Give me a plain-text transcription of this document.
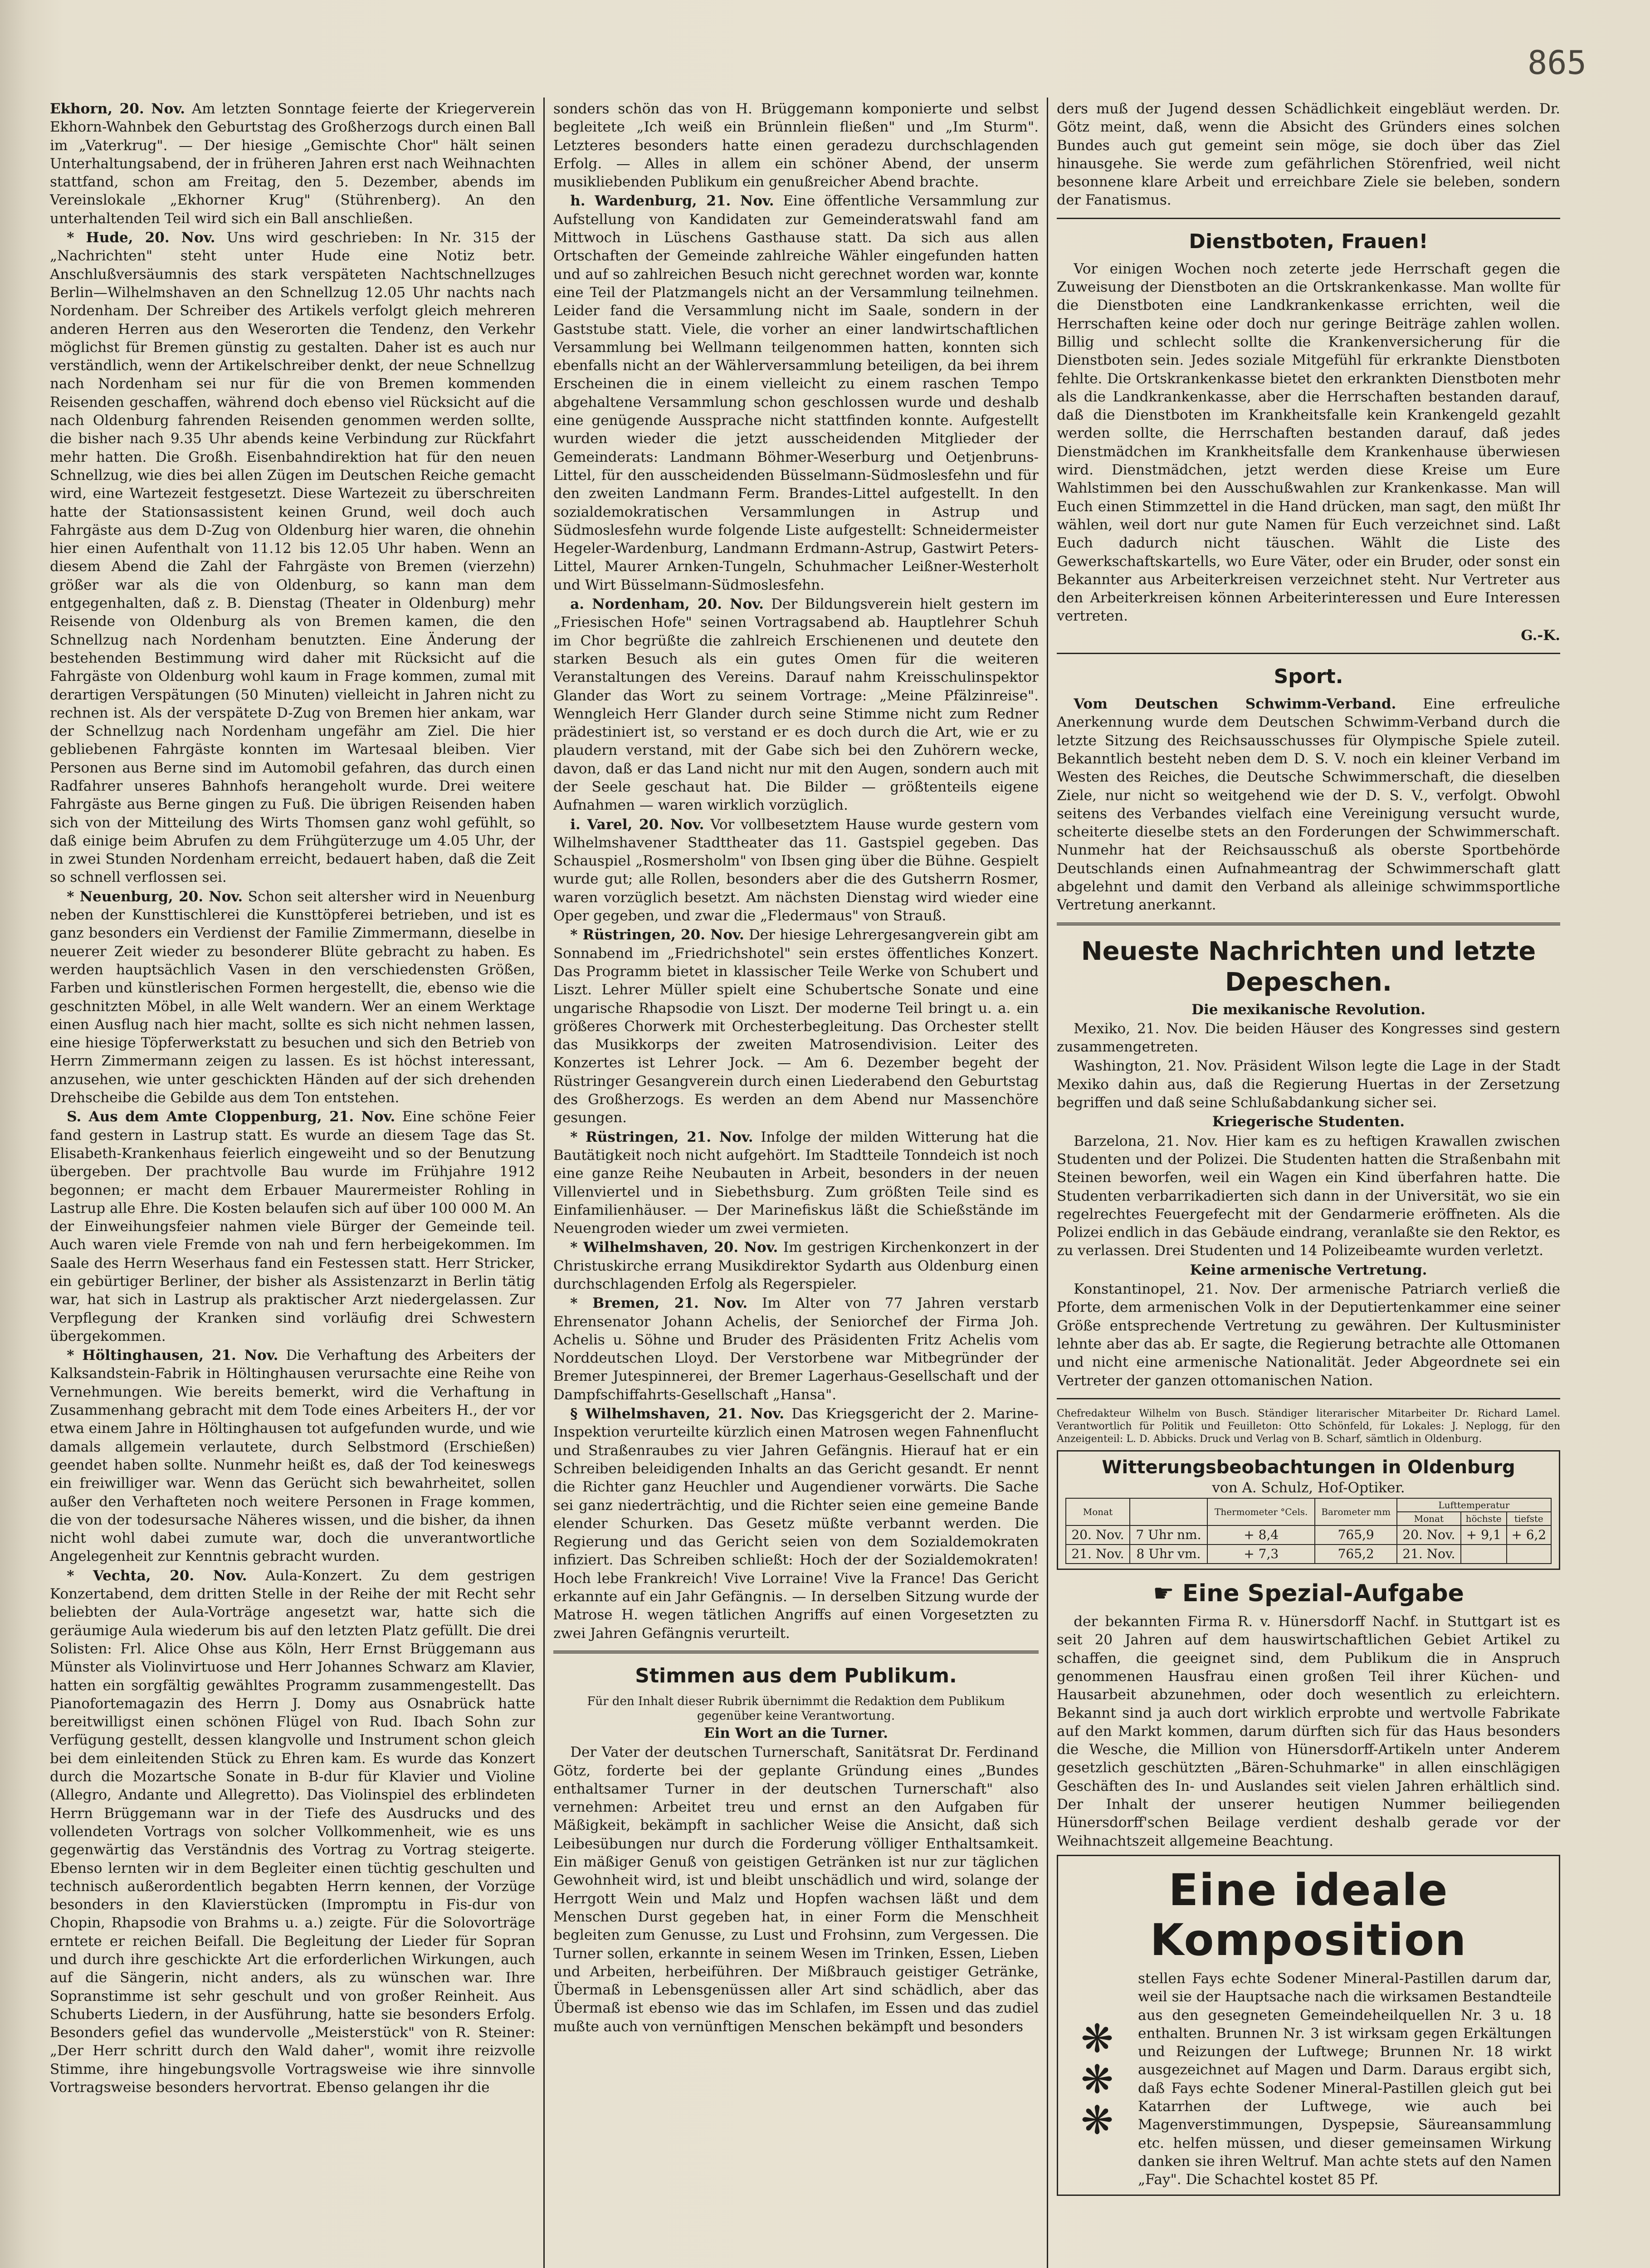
865

Ekhorn, 20. Nov. Am letzten Sonntage feierte der Kriegerverein Ekhorn-Wahnbek den Geburtstag des Großherzogs durch einen Ball im „Vaterkrug". — Der hiesige „Gemischte Chor" hält seinen Unterhaltungsabend, der in früheren Jahren erst nach Weihnachten stattfand, schon am Freitag, den 5. Dezember, abends im Vereinslokale „Ekhorner Krug" (Stührenberg). An den unterhaltenden Teil wird sich ein Ball anschließen.

* Hude, 20. Nov. Uns wird geschrieben: In Nr. 315 der „Nachrichten" steht unter Hude eine Notiz betr. Anschlußversäumnis des stark verspäteten Nachtschnellzuges Berlin—Wilhelmshaven an den Schnellzug 12.05 Uhr nachts nach Nordenham. Der Schreiber des Artikels verfolgt gleich mehreren anderen Herren aus den Weserorten die Tendenz, den Verkehr möglichst für Bremen günstig zu gestalten. Daher ist es auch nur verständlich, wenn der Artikelschreiber denkt, der neue Schnellzug nach Nordenham sei nur für die von Bremen kommenden Reisenden geschaffen, während doch ebenso viel Rücksicht auf die nach Oldenburg fahrenden Reisenden genommen werden sollte, die bisher nach 9.35 Uhr abends keine Verbindung zur Rückfahrt mehr hatten. Die Großh. Eisenbahndirektion hat für den neuen Schnellzug, wie dies bei allen Zügen im Deutschen Reiche gemacht wird, eine Wartezeit festgesetzt. Diese Wartezeit zu überschreiten hatte der Stationsassistent keinen Grund, weil doch auch Fahrgäste aus dem D-Zug von Oldenburg hier waren, die ohnehin hier einen Aufenthalt von 11.12 bis 12.05 Uhr haben. Wenn an diesem Abend die Zahl der Fahrgäste von Bremen (vierzehn) größer war als die von Oldenburg, so kann man dem entgegenhalten, daß z. B. Dienstag (Theater in Oldenburg) mehr Reisende von Oldenburg als von Bremen kamen, die den Schnellzug nach Nordenham benutzten. Eine Änderung der bestehenden Bestimmung wird daher mit Rücksicht auf die Fahrgäste von Oldenburg wohl kaum in Frage kommen, zumal mit derartigen Verspätungen (50 Minuten) vielleicht in Jahren nicht zu rechnen ist. Als der verspätete D-Zug von Bremen hier ankam, war der Schnellzug nach Nordenham ungefähr am Ziel. Die hier gebliebenen Fahrgäste konnten im Wartesaal bleiben. Vier Personen aus Berne sind im Automobil gefahren, das durch einen Radfahrer unseres Bahnhofs herangeholt wurde. Drei weitere Fahrgäste aus Berne gingen zu Fuß. Die übrigen Reisenden haben sich von der Mitteilung des Wirts Thomsen ganz wohl gefühlt, so daß einige beim Abrufen zu dem Frühgüterzuge um 4.05 Uhr, der in zwei Stunden Nordenham erreicht, bedauert haben, daß die Zeit so schnell verflossen sei.

* Neuenburg, 20. Nov. Schon seit altersher wird in Neuenburg neben der Kunsttischlerei die Kunsttöpferei betrieben, und ist es ganz besonders ein Verdienst der Familie Zimmermann, dieselbe in neuerer Zeit wieder zu besonderer Blüte gebracht zu haben. Es werden hauptsächlich Vasen in den verschiedensten Größen, Farben und künstlerischen Formen hergestellt, die, ebenso wie die geschnitzten Möbel, in alle Welt wandern. Wer an einem Werktage einen Ausflug nach hier macht, sollte es sich nicht nehmen lassen, eine hiesige Töpferwerkstatt zu besuchen und sich den Betrieb von Herrn Zimmermann zeigen zu lassen. Es ist höchst interessant, anzusehen, wie unter geschickten Händen auf der sich drehenden Drehscheibe die Gebilde aus dem Ton entstehen.

S. Aus dem Amte Cloppenburg, 21. Nov. Eine schöne Feier fand gestern in Lastrup statt. Es wurde an diesem Tage das St. Elisabeth-Krankenhaus feierlich eingeweiht und so der Benutzung übergeben. Der prachtvolle Bau wurde im Frühjahre 1912 begonnen; er macht dem Erbauer Maurermeister Rohling in Lastrup alle Ehre. Die Kosten belaufen sich auf über 100 000 M. An der Einweihungsfeier nahmen viele Bürger der Gemeinde teil. Auch waren viele Fremde von nah und fern herbeigekommen. Im Saale des Herrn Weserhaus fand ein Festessen statt. Herr Stricker, ein gebürtiger Berliner, der bisher als Assistenzarzt in Berlin tätig war, hat sich in Lastrup als praktischer Arzt niedergelassen. Zur Verpflegung der Kranken sind vorläufig drei Schwestern übergekommen.

* Höltinghausen, 21. Nov. Die Verhaftung des Arbeiters der Kalksandstein-Fabrik in Höltinghausen verursachte eine Reihe von Vernehmungen. Wie bereits bemerkt, wird die Verhaftung in Zusammenhang gebracht mit dem Tode eines Arbeiters H., der vor etwa einem Jahre in Höltinghausen tot aufgefunden wurde, und wie damals allgemein verlautete, durch Selbstmord (Erschießen) geendet haben sollte. Nunmehr heißt es, daß der Tod keineswegs ein freiwilliger war. Wenn das Gerücht sich bewahrheitet, sollen außer den Verhafteten noch weitere Personen in Frage kommen, die von der todesursache Näheres wissen, und die bisher, da ihnen nicht wohl dabei zumute war, doch die unverantwortliche Angelegenheit zur Kenntnis gebracht wurden.

* Vechta, 20. Nov. Aula-Konzert. Zu dem gestrigen Konzertabend, dem dritten Stelle in der Reihe der mit Recht sehr beliebten der Aula-Vorträge angesetzt war, hatte sich die geräumige Aula wiederum bis auf den letzten Platz gefüllt. Die drei Solisten: Frl. Alice Ohse aus Köln, Herr Ernst Brüggemann aus Münster als Violinvirtuose und Herr Johannes Schwarz am Klavier, hatten ein sorgfältig gewähltes Programm zusammengestellt. Das Pianofortemagazin des Herrn J. Domy aus Osnabrück hatte bereitwilligst einen schönen Flügel von Rud. Ibach Sohn zur Verfügung gestellt, dessen klangvolle und Instrument schon gleich bei dem einleitenden Stück zu Ehren kam. Es wurde das Konzert durch die Mozartsche Sonate in B-dur für Klavier und Violine (Allegro, Andante und Allegretto). Das Violinspiel des erblindeten Herrn Brüggemann war in der Tiefe des Ausdrucks und des vollendeten Vortrags von solcher Vollkommenheit, wie es uns gegenwärtig das Verständnis des Vortrag zu Vortrag steigerte. Ebenso lernten wir in dem Begleiter einen tüchtig geschulten und technisch außerordentlich begabten Herrn kennen, der Vorzüge besonders in den Klavierstücken (Impromptu in Fis-dur von Chopin, Rhapsodie von Brahms u. a.) zeigte. Für die Solovorträge erntete er reichen Beifall. Die Begleitung der Lieder für Sopran und durch ihre geschickte Art die erforderlichen Wirkungen, auch auf die Sängerin, nicht anders, als zu wünschen war. Ihre Sopranstimme ist sehr geschult und von großer Reinheit. Aus Schuberts Liedern, in der Ausführung, hatte sie besonders Erfolg. Besonders gefiel das wundervolle „Meisterstück" von R. Steiner: „Der Herr schritt durch den Wald daher", womit ihre reizvolle Stimme, ihre hingebungsvolle Vortragsweise wie ihre sinnvolle Vortragsweise besonders hervortrat. Ebenso gelangen ihr die

sonders schön das von H. Brüggemann komponierte und selbst begleitete „Ich weiß ein Brünnlein fließen" und „Im Sturm". Letzteres besonders hatte einen geradezu durchschlagenden Erfolg. — Alles in allem ein schöner Abend, der unserm musikliebenden Publikum ein genußreicher Abend brachte.

h. Wardenburg, 21. Nov. Eine öffentliche Versammlung zur Aufstellung von Kandidaten zur Gemeinderatswahl fand am Mittwoch in Lüschens Gasthause statt. Da sich aus allen Ortschaften der Gemeinde zahlreiche Wähler eingefunden hatten und auf so zahlreichen Besuch nicht gerechnet worden war, konnte eine Teil der Platzmangels nicht an der Versammlung teilnehmen. Leider fand die Versammlung nicht im Saale, sondern in der Gaststube statt. Viele, die vorher an einer landwirtschaftlichen Versammlung bei Wellmann teilgenommen hatten, konnten sich ebenfalls nicht an der Wählerversammlung beteiligen, da bei ihrem Erscheinen die in einem vielleicht zu einem raschen Tempo abgehaltene Versammlung schon geschlossen wurde und deshalb eine genügende Aussprache nicht stattfinden konnte. Aufgestellt wurden wieder die jetzt ausscheidenden Mitglieder der Gemeinderats: Landmann Böhmer-Weserburg und Oetjenbruns-Littel, für den ausscheidenden Büsselmann-Südmoslesfehn und für den zweiten Landmann Ferm. Brandes-Littel aufgestellt. In den sozialdemokratischen Versammlungen in Astrup und Südmoslesfehn wurde folgende Liste aufgestellt: Schneidermeister Hegeler-Wardenburg, Landmann Erdmann-Astrup, Gastwirt Peters-Littel, Maurer Arnken-Tungeln, Schuhmacher Leißner-Westerholt und Wirt Büsselmann-Südmoslesfehn.

a. Nordenham, 20. Nov. Der Bildungsverein hielt gestern im „Friesischen Hofe" seinen Vortragsabend ab. Hauptlehrer Schuh im Chor begrüßte die zahlreich Erschienenen und deutete den starken Besuch als ein gutes Omen für die weiteren Veranstaltungen des Vereins. Darauf nahm Kreisschulinspektor Glander das Wort zu seinem Vortrage: „Meine Pfälzinreise". Wenngleich Herr Glander durch seine Stimme nicht zum Redner prädestiniert ist, so verstand er es doch durch die Art, wie er zu plaudern verstand, mit der Gabe sich bei den Zuhörern wecke, davon, daß er das Land nicht nur mit den Augen, sondern auch mit der Seele geschaut hat. Die Bilder — größtenteils eigene Aufnahmen — waren wirklich vorzüglich.

i. Varel, 20. Nov. Vor vollbesetztem Hause wurde gestern vom Wilhelmshavener Stadttheater das 11. Gastspiel gegeben. Das Schauspiel „Rosmersholm" von Ibsen ging über die Bühne. Gespielt wurde gut; alle Rollen, besonders aber die des Gutsherrn Rosmer, waren vorzüglich besetzt. Am nächsten Dienstag wird wieder eine Oper gegeben, und zwar die „Fledermaus" von Strauß.

* Rüstringen, 20. Nov. Der hiesige Lehrergesangverein gibt am Sonnabend im „Friedrichshotel" sein erstes öffentliches Konzert. Das Programm bietet in klassischer Teile Werke von Schubert und Liszt. Lehrer Müller spielt eine Schubertsche Sonate und eine ungarische Rhapsodie von Liszt. Der moderne Teil bringt u. a. ein größeres Chorwerk mit Orchesterbegleitung. Das Orchester stellt das Musikkorps der zweiten Matrosendivision. Leiter des Konzertes ist Lehrer Jock. — Am 6. Dezember begeht der Rüstringer Gesangverein durch einen Liederabend den Geburtstag des Großherzogs. Es werden an dem Abend nur Massenchöre gesungen.

* Rüstringen, 21. Nov. Infolge der milden Witterung hat die Bautätigkeit noch nicht aufgehört. Im Stadtteile Tonndeich ist noch eine ganze Reihe Neubauten in Arbeit, besonders in der neuen Villenviertel und in Siebethsburg. Zum größten Teile sind es Einfamilienhäuser. — Der Marinefiskus läßt die Schießstände im Neuengroden wieder um zwei vermieten.

* Wilhelmshaven, 20. Nov. Im gestrigen Kirchenkonzert in der Christuskirche errang Musikdirektor Sydarth aus Oldenburg einen durchschlagenden Erfolg als Regerspieler.

* Bremen, 21. Nov. Im Alter von 77 Jahren verstarb Ehrensenator Johann Achelis, der Seniorchef der Firma Joh. Achelis u. Söhne und Bruder des Präsidenten Fritz Achelis vom Norddeutschen Lloyd. Der Verstorbene war Mitbegründer der Bremer Jutespinnerei, der Bremer Lagerhaus-Gesellschaft und der Dampfschiffahrts-Gesellschaft „Hansa".

§ Wilhelmshaven, 21. Nov. Das Kriegsgericht der 2. Marine-Inspektion verurteilte kürzlich einen Matrosen wegen Fahnenflucht und Straßenraubes zu vier Jahren Gefängnis. Hierauf hat er ein Schreiben beleidigenden Inhalts an das Gericht gesandt. Er nennt die Richter ganz Heuchler und Augendiener vorwärts. Die Sache sei ganz niederträchtig, und die Richter seien eine gemeine Bande elender Schurken. Das Gesetz müßte verbannt werden. Die Regierung und das Gericht seien von dem Sozialdemokraten infiziert. Das Schreiben schließt: Hoch der der Sozialdemokraten! Hoch lebe Frankreich! Vive Lorraine! Vive la France! Das Gericht erkannte auf ein Jahr Gefängnis. — In derselben Sitzung wurde der Matrose H. wegen tätlichen Angriffs auf einen Vorgesetzten zu zwei Jahren Gefängnis verurteilt.

Stimmen aus dem Publikum.

Für den Inhalt dieser Rubrik übernimmt die Redaktion dem Publikum gegenüber keine Verantwortung.

Ein Wort an die Turner.

Der Vater der deutschen Turnerschaft, Sanitätsrat Dr. Ferdinand Götz, forderte bei der geplante Gründung eines „Bundes enthaltsamer Turner in der deutschen Turnerschaft" also vernehmen: Arbeitet treu und ernst an den Aufgaben für Mäßigkeit, bekämpft in sachlicher Weise die Ansicht, daß sich Leibesübungen nur durch die Forderung völliger Enthaltsamkeit. Ein mäßiger Genuß von geistigen Getränken ist nur zur täglichen Gewohnheit wird, ist und bleibt unschädlich und wird, solange der Herrgott Wein und Malz und Hopfen wachsen läßt und dem Menschen Durst gegeben hat, in einer Form die Menschheit begleiten zum Genusse, zu Lust und Frohsinn, zum Vergessen. Die Turner sollen, erkannte in seinem Wesen im Trinken, Essen, Lieben und Arbeiten, herbeiführen. Der Mißbrauch geistiger Getränke, Übermaß in Lebensgenüssen aller Art sind schädlich, aber das Übermaß ist ebenso wie das im Schlafen, im Essen und das zudiel mußte auch von vernünftigen Menschen bekämpft und besonders

ders muß der Jugend dessen Schädlichkeit eingebläut werden. Dr. Götz meint, daß, wenn die Absicht des Gründers eines solchen Bundes auch gut gemeint sein möge, sie doch über das Ziel hinausgehe. Sie werde zum gefährlichen Störenfried, weil nicht besonnene klare Arbeit und erreichbare Ziele sie beleben, sondern der Fanatismus.

Dienstboten, Frauen!

Vor einigen Wochen noch zeterte jede Herrschaft gegen die Zuweisung der Dienstboten an die Ortskrankenkasse. Man wollte für die Dienstboten eine Landkrankenkasse errichten, weil die Herrschaften keine oder doch nur geringe Beiträge zahlen wollen. Billig und schlecht sollte die Krankenversicherung für die Dienstboten sein. Jedes soziale Mitgefühl für erkrankte Dienstboten fehlte. Die Ortskrankenkasse bietet den erkrankten Dienstboten mehr als die Landkrankenkasse, aber die Herrschaften bestanden darauf, daß die Dienstboten im Krankheitsfalle kein Krankengeld gezahlt werden sollte, die Herrschaften bestanden darauf, daß jedes Dienstmädchen im Krankheitsfalle dem Krankenhause überwiesen wird. Dienstmädchen, jetzt werden diese Kreise um Eure Wahlstimmen bei den Ausschußwahlen zur Krankenkasse. Man will Euch einen Stimmzettel in die Hand drücken, man sagt, den müßt Ihr wählen, weil dort nur gute Namen für Euch verzeichnet sind. Laßt Euch dadurch nicht täuschen. Wählt die Liste des Gewerkschaftskartells, wo Eure Väter, oder ein Bruder, oder sonst ein Bekannter aus Arbeiterkreisen verzeichnet steht. Nur Vertreter aus den Arbeiterkreisen können Arbeiterinteressen und Eure Interessen vertreten.

G.-K.

Sport.

Vom Deutschen Schwimm-Verband. Eine erfreuliche Anerkennung wurde dem Deutschen Schwimm-Verband durch die letzte Sitzung des Reichsausschusses für Olympische Spiele zuteil. Bekanntlich besteht neben dem D. S. V. noch ein kleiner Verband im Westen des Reiches, die Deutsche Schwimmerschaft, die dieselben Ziele, nur nicht so weitgehend wie der D. S. V., verfolgt. Obwohl seitens des Verbandes vielfach eine Vereinigung versucht wurde, scheiterte dieselbe stets an den Forderungen der Schwimmerschaft. Nunmehr hat der Reichsausschuß als oberste Sportbehörde Deutschlands einen Aufnahmeantrag der Schwimmerschaft glatt abgelehnt und damit den Verband als alleinige schwimmsportliche Vertretung anerkannt.

Neueste Nachrichten und letzte Depeschen.

Die mexikanische Revolution.

Mexiko, 21. Nov. Die beiden Häuser des Kongresses sind gestern zusammengetreten.

Washington, 21. Nov. Präsident Wilson legte die Lage in der Stadt Mexiko dahin aus, daß die Regierung Huertas in der Zersetzung begriffen und daß seine Schlußabdankung sicher sei.

Kriegerische Studenten.

Barzelona, 21. Nov. Hier kam es zu heftigen Krawallen zwischen Studenten und der Polizei. Die Studenten hatten die Straßenbahn mit Steinen beworfen, weil ein Wagen ein Kind überfahren hatte. Die Studenten verbarrikadierten sich dann in der Universität, wo sie ein regelrechtes Feuergefecht mit der Gendarmerie eröffneten. Als die Polizei endlich in das Gebäude eindrang, veranlaßte sie den Rektor, es zu verlassen. Drei Studenten und 14 Polizeibeamte wurden verletzt.

Keine armenische Vertretung.

Konstantinopel, 21. Nov. Der armenische Patriarch verließ die Pforte, dem armenischen Volk in der Deputiertenkammer eine seiner Größe entsprechende Vertretung zu gewähren. Der Kultusminister lehnte aber das ab. Er sagte, die Regierung betrachte alle Ottomanen und nicht eine armenische Nationalität. Jeder Abgeordnete sei ein Vertreter der ganzen ottomanischen Nation.

Chefredakteur Wilhelm von Busch. Ständiger literarischer Mitarbeiter Dr. Richard Lamel. Verantwortlich für Politik und Feuilleton: Otto Schönfeld, für Lokales: J. Neplogg, für den Anzeigenteil: L. D. Abbicks. Druck und Verlag von B. Scharf, sämtlich in Oldenburg.

Witterungsbeobachtungen in Oldenburg

von A. Schulz, Hof-Optiker.

Monat		Thermometer °Cels.	Barometer mm	Lufttemperatur		
				Monat	höchste	tiefste
20. Nov.	7 Uhr nm.	+ 8,4	765,9	20. Nov.	+ 9,1	+ 6,2
21. Nov.	8 Uhr vm.	+ 7,3	765,2	21. Nov.		
☛ Eine Spezial-Aufgabe

der bekannten Firma R. v. Hünersdorff Nachf. in Stuttgart ist es seit 20 Jahren auf dem hauswirtschaftlichen Gebiet Artikel zu schaffen, die geeignet sind, dem Publikum die in Anspruch genommenen Hausfrau einen großen Teil ihrer Küchen- und Hausarbeit abzunehmen, oder doch wesentlich zu erleichtern. Bekannt sind ja auch dort wirklich erprobte und wertvolle Fabrikate auf den Markt kommen, darum dürften sich für das Haus besonders die Wesche, die Million von Hünersdorff-Artikeln unter Anderem gesetzlich geschützten „Bären-Schuhmarke" in allen einschlägigen Geschäften des In- und Auslandes seit vielen Jahren erhältlich sind. Der Inhalt der unserer heutigen Nummer beiliegenden Hünersdorff'schen Beilage verdient deshalb gerade vor der Weihnachtszeit allgemeine Beachtung.

Eine ideale Komposition
❋
❋
❋

stellen Fays echte Sodener Mineral-Pastillen darum dar, weil sie der Hauptsache nach die wirksamen Bestandteile aus den gesegneten Gemeindeheilquellen Nr. 3 u. 18 enthalten. Brunnen Nr. 3 ist wirksam gegen Erkältungen und Reizungen der Luftwege; Brunnen Nr. 18 wirkt ausgezeichnet auf Magen und Darm. Daraus ergibt sich, daß Fays echte Sodener Mineral-Pastillen gleich gut bei Katarrhen der Luftwege, wie auch bei Magenverstimmungen, Dyspepsie, Säureansammlung etc. helfen müssen, und dieser gemeinsamen Wirkung danken sie ihren Weltruf. Man achte stets auf den Namen „Fay". Die Schachtel kostet 85 Pf.
